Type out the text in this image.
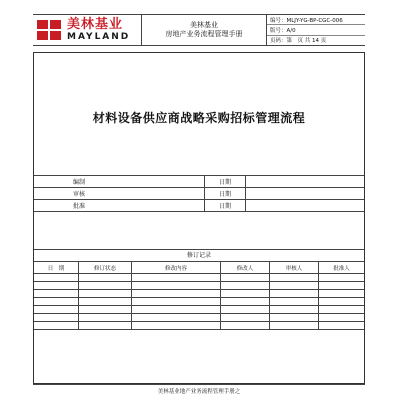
美林基业
MAYLAND
美林基业
房地产业务流程管理手册
编号：MLJY-YG-BP-CGC-006
版号：A/0
页码：第　页 共 14 页
材料设备供应商战略采购招标管理流程
编制		日期	
审核		日期	
批准		日期	
修订记录
日　期	修订状态	修改内容	修改人	审核人	批准人

美林基业地产业务流程管理手册之
